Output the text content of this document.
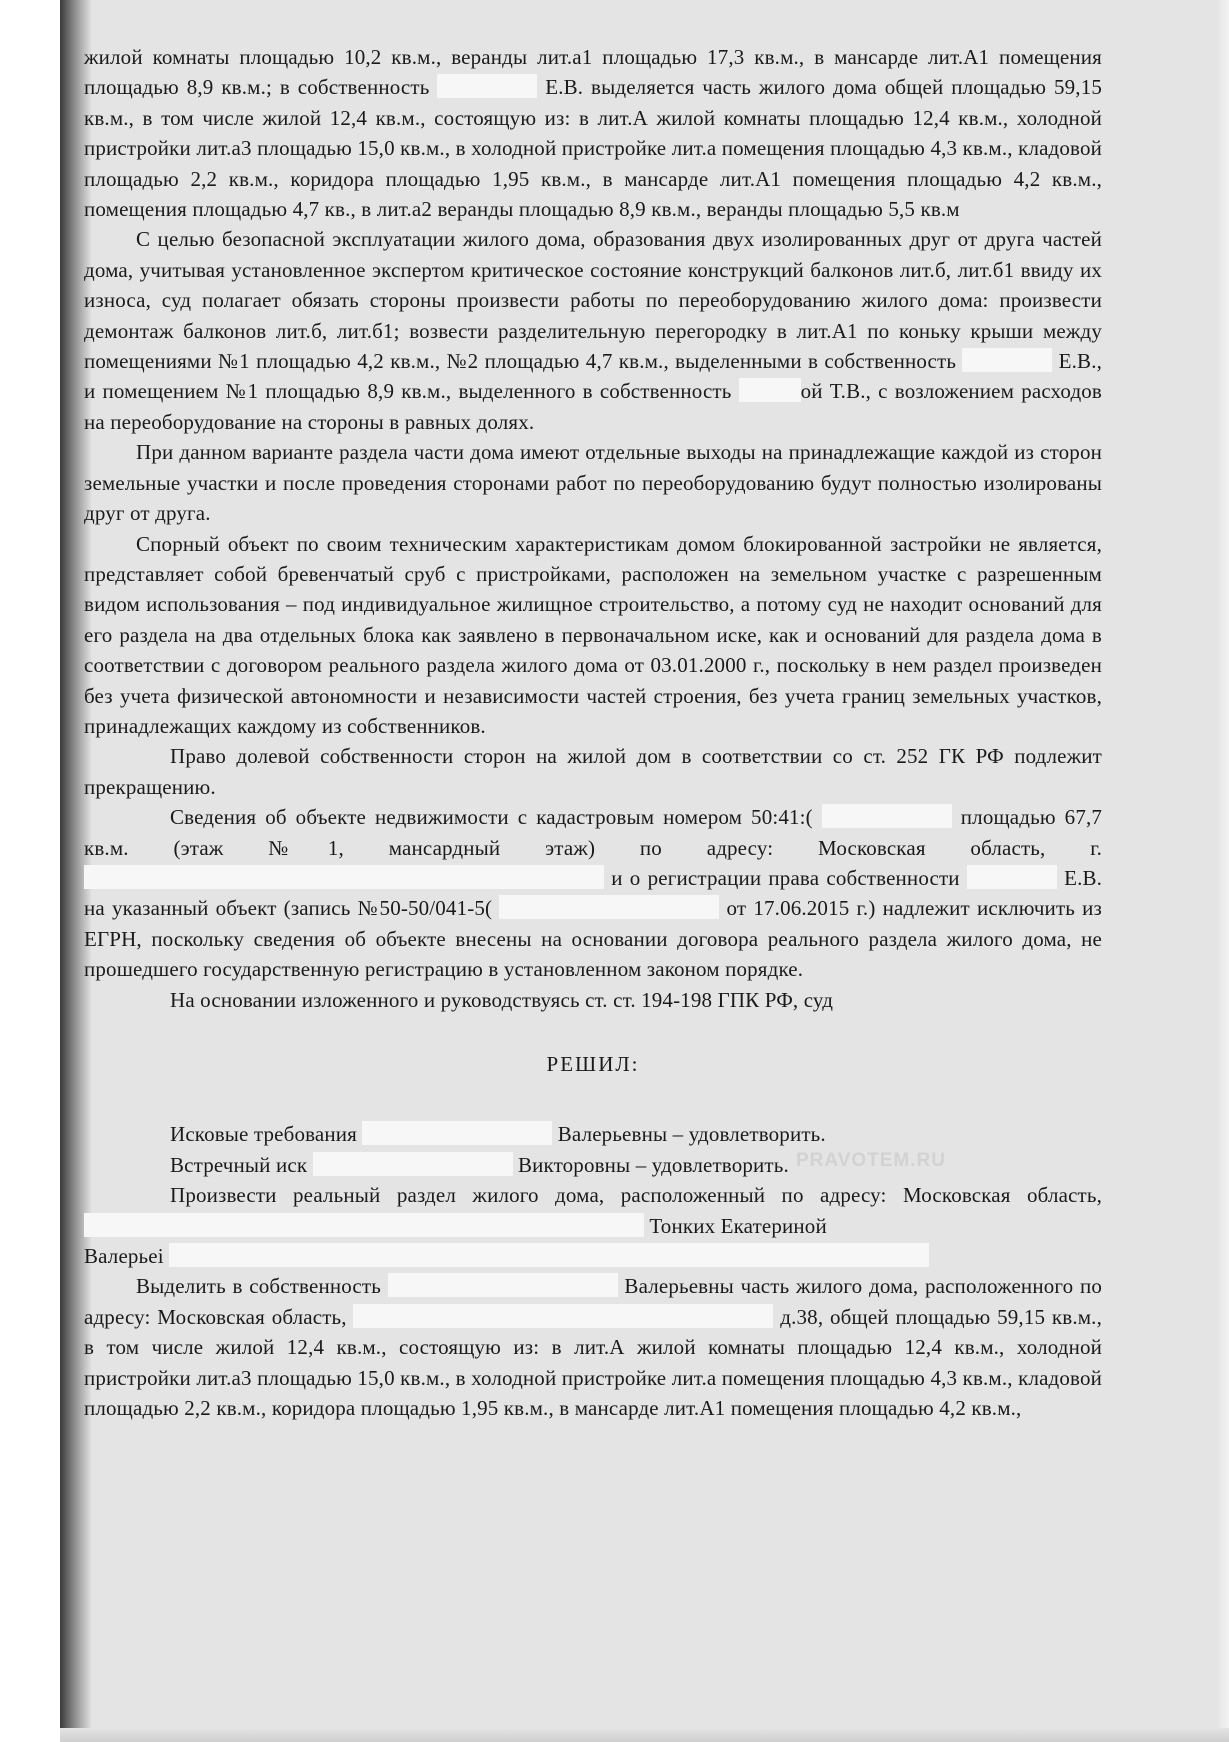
жилой комнаты площадью 10,2 кв.м., веранды лит.а1 площадью 17,3 кв.м., в мансарде лит.А1 помещения площадью 8,9 кв.м.; в собственность	Е.В. выделяется часть жилого дома общей площадью 59,15 кв.м., в том числе жилой 12,4 кв.м., состоящую из: в лит.А жилой комнаты площадью 12,4 кв.м., холодной пристройки лит.а3 площадью 15,0 кв.м., в холодной пристройке лит.а помещения площадью 4,3 кв.м., кладовой площадью 2,2 кв.м., коридора площадью 1,95 кв.м., в мансарде лит.А1 помещения площадью 4,2 кв.м., помещения площадью 4,7 кв., в лит.а2 веранды площадью 8,9 кв.м., веранды площадью 5,5 кв.м

С целью безопасной эксплуатации жилого дома, образования двух изолированных друг от друга частей дома, учитывая установленное экспертом критическое состояние конструкций балконов лит.б, лит.б1 ввиду их износа, суд полагает обязать стороны произвести работы по переоборудованию жилого дома: произвести демонтаж балконов лит.б, лит.б1; возвести разделительную перегородку в лит.А1 по коньку крыши между помещениями №1 площадью 4,2 кв.м., №2 площадью 4,7 кв.м., выделенными в собственность	Е.В., и помещением №1 площадью 8,9 кв.м., выделенного в собственность	ой Т.В., с возложением расходов на переоборудование на стороны в равных долях.

При данном варианте раздела части дома имеют отдельные выходы на принадлежащие каждой из сторон земельные участки и после проведения сторонами работ по переоборудованию будут полностью изолированы друг от друга.

Спорный объект по своим техническим характеристикам домом блокированной застройки не является, представляет собой бревенчатый сруб с пристройками, расположен на земельном участке с разрешенным видом использования – под индивидуальное жилищное строительство, а потому суд не находит оснований для его раздела на два отдельных блока как заявлено в первоначальном иске, как и оснований для раздела дома в соответствии с договором реального раздела жилого дома от 03.01.2000 г., поскольку в нем раздел произведен без учета физической автономности и независимости частей строения, без учета границ земельных участков, принадлежащих каждому из собственников.

Право долевой собственности сторон на жилой дом в соответствии со ст. 252 ГК РФ подлежит прекращению.

Сведения об объекте недвижимости с кадастровым номером 50:41:(	площадью 67,7 кв.м. (этаж №1, мансардный этаж) по адресу: Московская область, г.  и о регистрации права собственности	Е.В. на указанный объект (запись №50-50/041-5(	от 17.06.2015 г.) надлежит исключить из ЕГРН, поскольку сведения об объекте внесены на основании договора реального раздела жилого дома, не прошедшего государственную регистрацию в установленном законом порядке.

На основании изложенного и руководствуясь ст. ст. 194-198 ГПК РФ, суд

РЕШИЛ:

Исковые требования	Валерьевны – удовлетворить.

Встречный иск	Викторовны – удовлетворить.

Произвести реальный раздел жилого дома, расположенный по адресу: Московская область,  Тонких Екатериной

Валерьеі

Выделить в собственность	Валерьевны часть жилого дома, расположенного по адресу: Московская область,	д.38, общей площадью 59,15 кв.м., в том числе жилой 12,4 кв.м., состоящую из: в лит.А жилой комнаты площадью 12,4 кв.м., холодной пристройки лит.а3 площадью 15,0 кв.м., в холодной пристройке лит.а помещения площадью 4,3 кв.м., кладовой площадью 2,2 кв.м., коридора площадью 1,95 кв.м., в мансарде лит.А1 помещения площадью 4,2 кв.м.,

PRAVOTEM.RU
